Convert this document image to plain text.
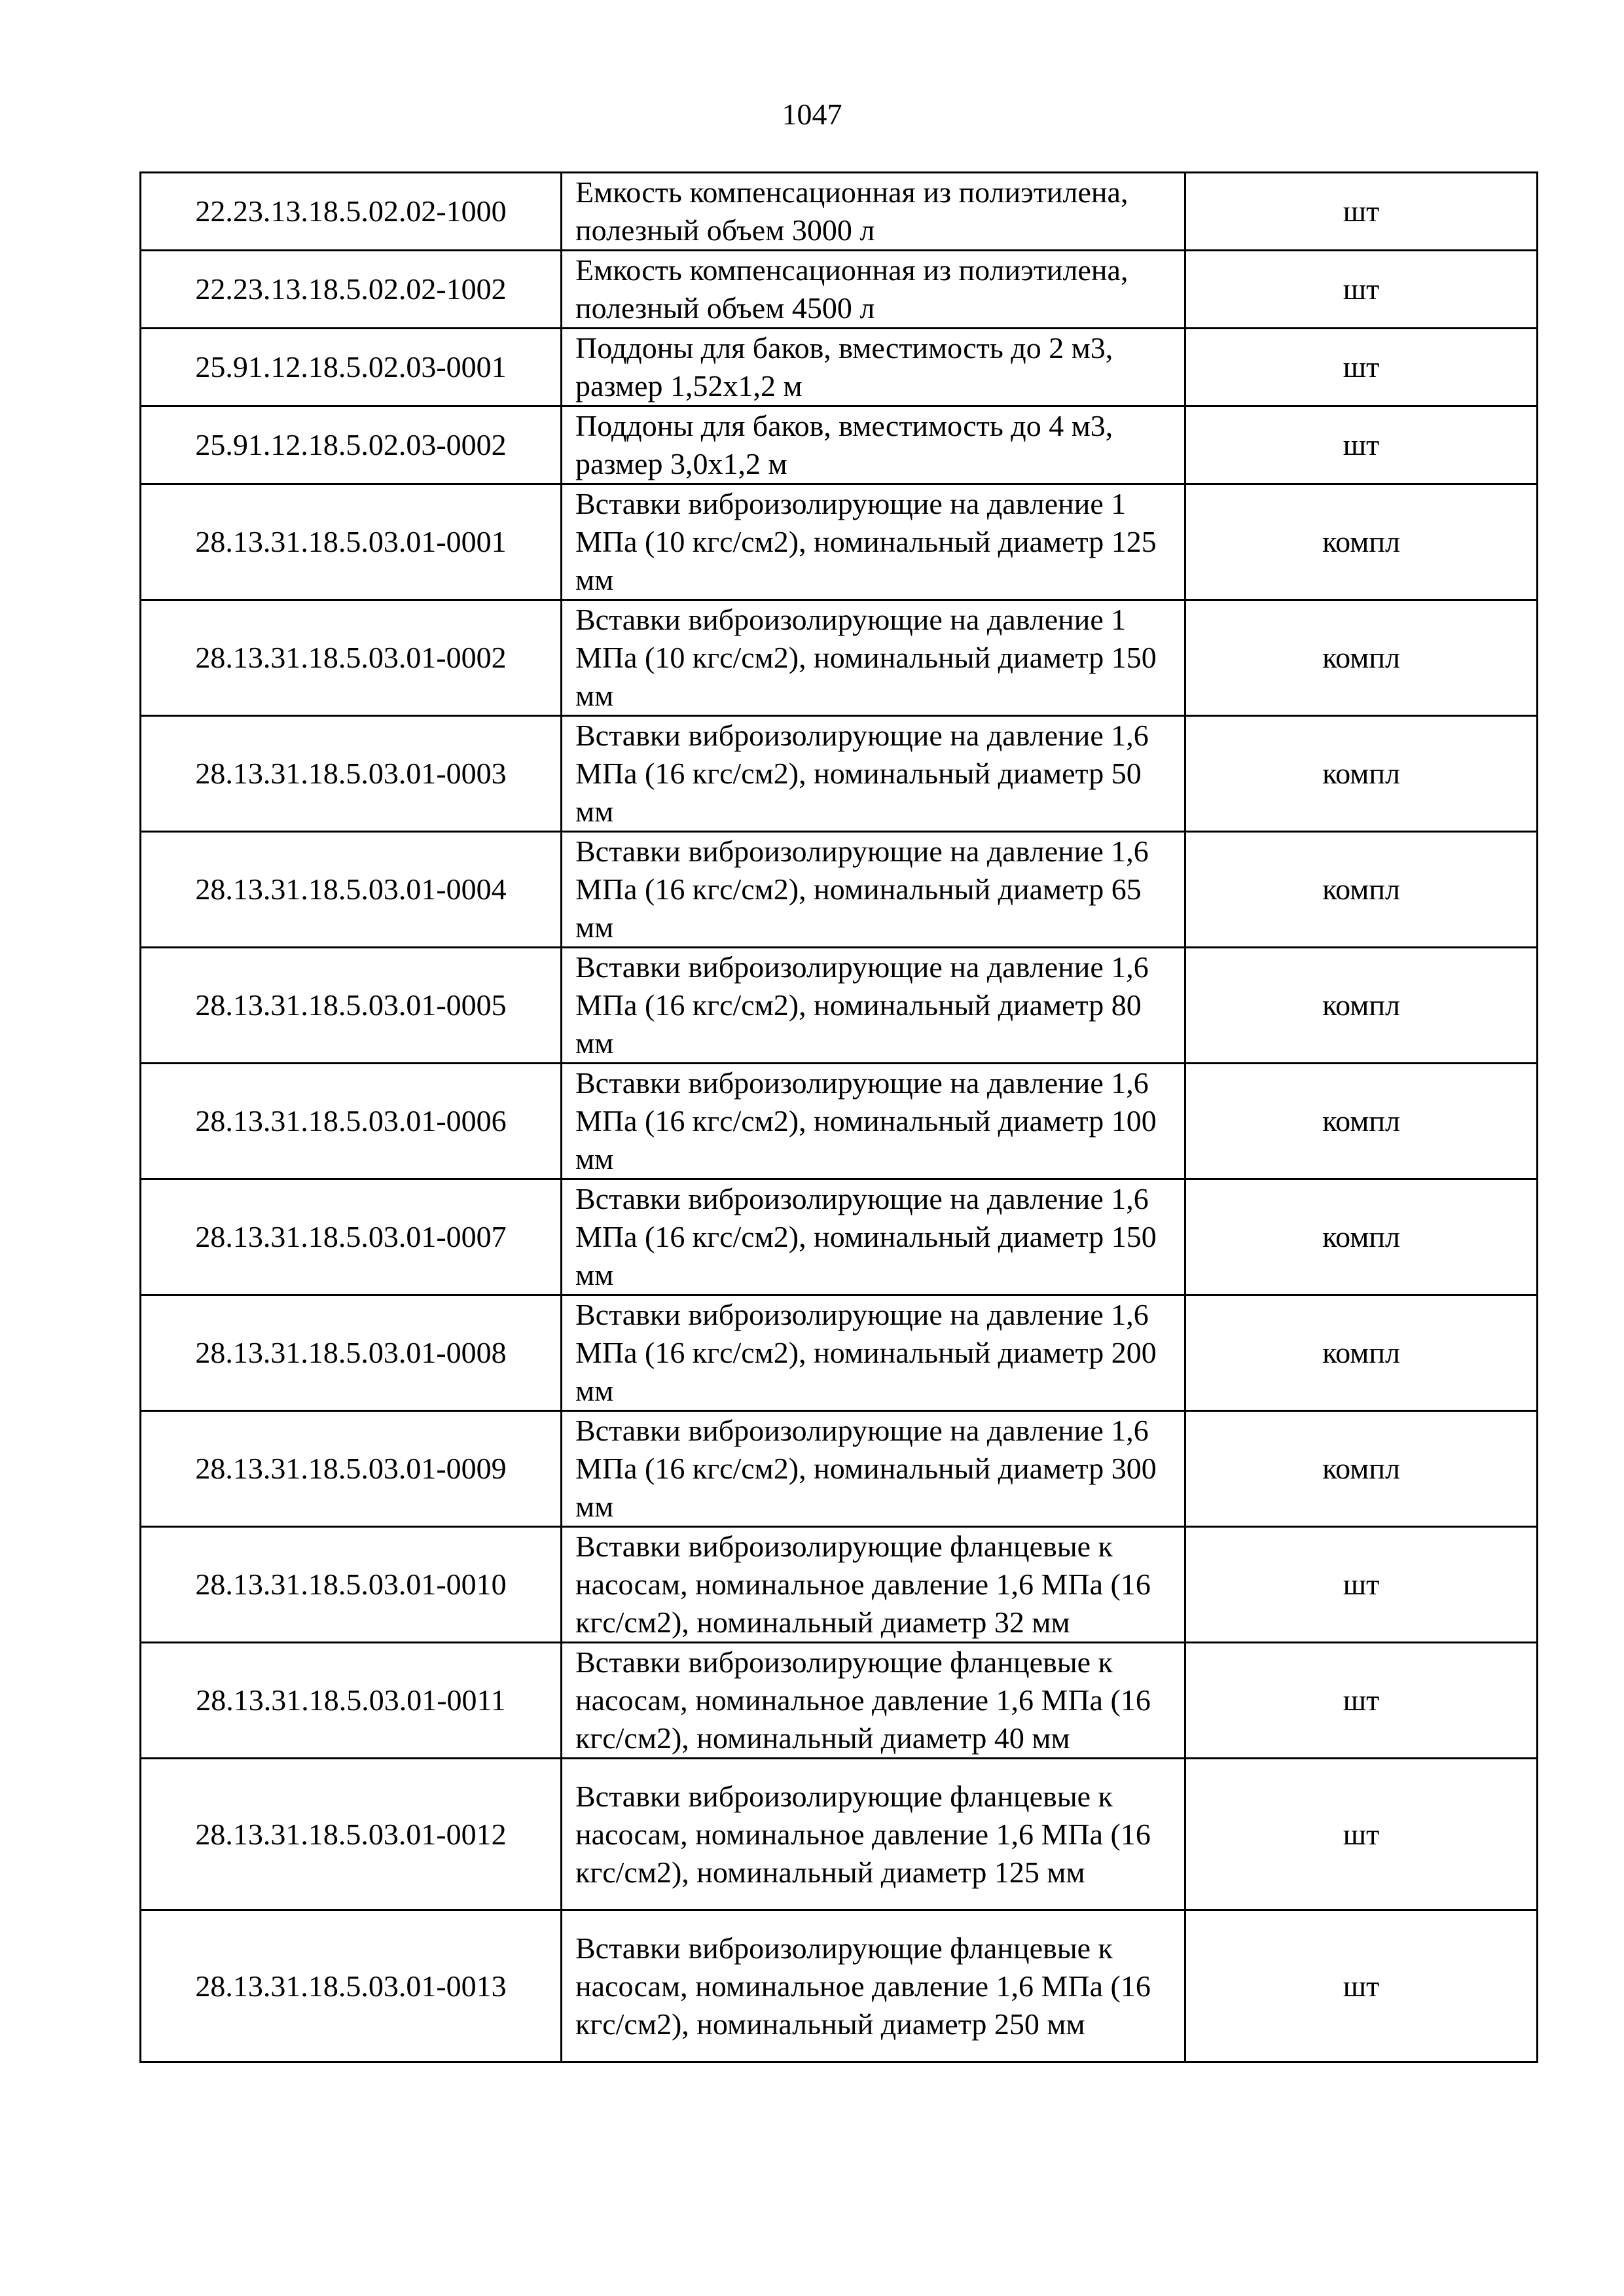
1047
22.23.13.18.5.02.02-1000	Емкость компенсационная из полиэтилена, полезный объем 3000 л	шт
22.23.13.18.5.02.02-1002	Емкость компенсационная из полиэтилена, полезный объем 4500 л	шт
25.91.12.18.5.02.03-0001	Поддоны для баков, вместимость до 2 м3, размер 1,52х1,2 м	шт
25.91.12.18.5.02.03-0002	Поддоны для баков, вместимость до 4 м3, размер 3,0х1,2 м	шт
28.13.31.18.5.03.01-0001	Вставки виброизолирующие на давление 1 МПа (10 кгс/см2), номинальный диаметр 125 мм	компл
28.13.31.18.5.03.01-0002	Вставки виброизолирующие на давление 1 МПа (10 кгс/см2), номинальный диаметр 150 мм	компл
28.13.31.18.5.03.01-0003	Вставки виброизолирующие на давление 1,6 МПа (16 кгс/см2), номинальный диаметр 50 мм	компл
28.13.31.18.5.03.01-0004	Вставки виброизолирующие на давление 1,6 МПа (16 кгс/см2), номинальный диаметр 65 мм	компл
28.13.31.18.5.03.01-0005	Вставки виброизолирующие на давление 1,6 МПа (16 кгс/см2), номинальный диаметр 80 мм	компл
28.13.31.18.5.03.01-0006	Вставки виброизолирующие на давление 1,6 МПа (16 кгс/см2), номинальный диаметр 100 мм	компл
28.13.31.18.5.03.01-0007	Вставки виброизолирующие на давление 1,6 МПа (16 кгс/см2), номинальный диаметр 150 мм	компл
28.13.31.18.5.03.01-0008	Вставки виброизолирующие на давление 1,6 МПа (16 кгс/см2), номинальный диаметр 200 мм	компл
28.13.31.18.5.03.01-0009	Вставки виброизолирующие на давление 1,6 МПа (16 кгс/см2), номинальный диаметр 300 мм	компл
28.13.31.18.5.03.01-0010	Вставки виброизолирующие фланцевые к насосам, номинальное давление 1,6 МПа (16 кгс/см2), номинальный диаметр 32 мм	шт
28.13.31.18.5.03.01-0011	Вставки виброизолирующие фланцевые к насосам, номинальное давление 1,6 МПа (16 кгс/см2), номинальный диаметр 40 мм	шт
28.13.31.18.5.03.01-0012	Вставки виброизолирующие фланцевые к насосам, номинальное давление 1,6 МПа (16 кгс/см2), номинальный диаметр 125 мм	шт
28.13.31.18.5.03.01-0013	Вставки виброизолирующие фланцевые к насосам, номинальное давление 1,6 МПа (16 кгс/см2), номинальный диаметр 250 мм	шт
